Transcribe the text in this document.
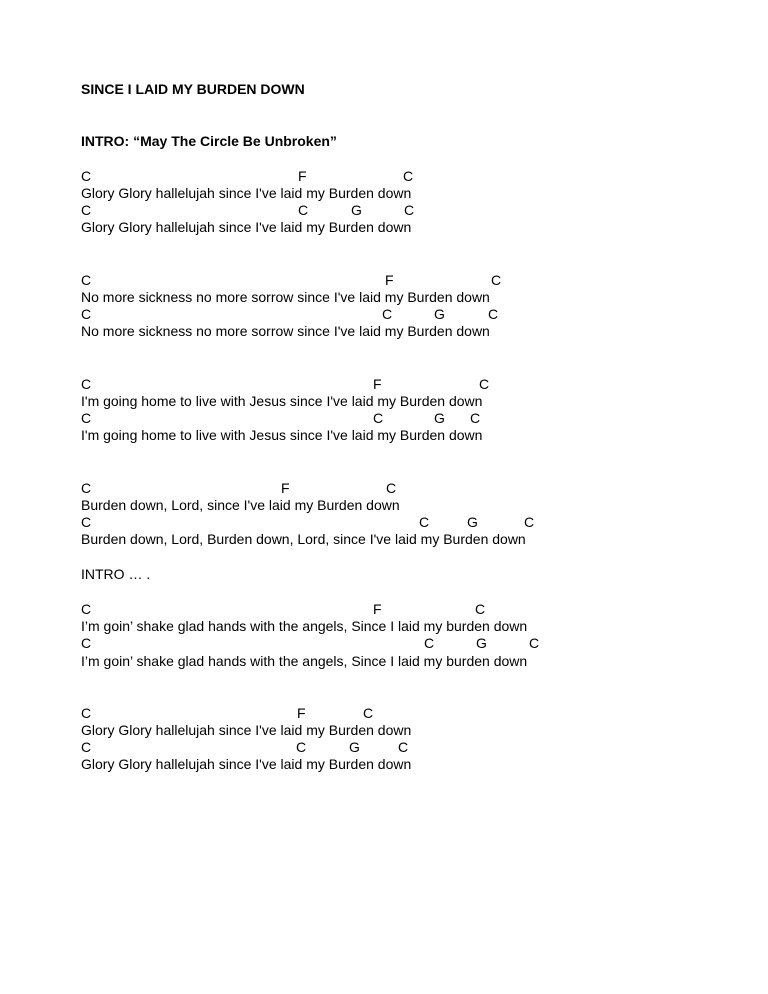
SINCE I LAID MY BURDEN DOWN
INTRO: “May The Circle Be Unbroken”
C	F	C
Glory Glory hallelujah since I've laid my Burden down
C	C	G	C
Glory Glory hallelujah since I've laid my Burden down
C	F	C
No more sickness no more sorrow since I've laid my Burden down
C	C	G	C
No more sickness no more sorrow since I've laid my Burden down
C	F	C
I'm going home to live with Jesus since I've laid my Burden down
C	C	G C
I'm going home to live with Jesus since I've laid my Burden down
C	F	C
Burden down, Lord, since I've laid my Burden down
C	C	G	C
Burden down, Lord, Burden down, Lord, since I've laid my Burden down
INTRO … .
C	F	C
I’m goin’ shake glad hands with the angels, Since I laid my burden down
C	C	G	C
I’m goin’ shake glad hands with the angels, Since I laid my burden down
C	F	C
Glory Glory hallelujah since I've laid my Burden down
C	C	G	C
Glory Glory hallelujah since I've laid my Burden down
